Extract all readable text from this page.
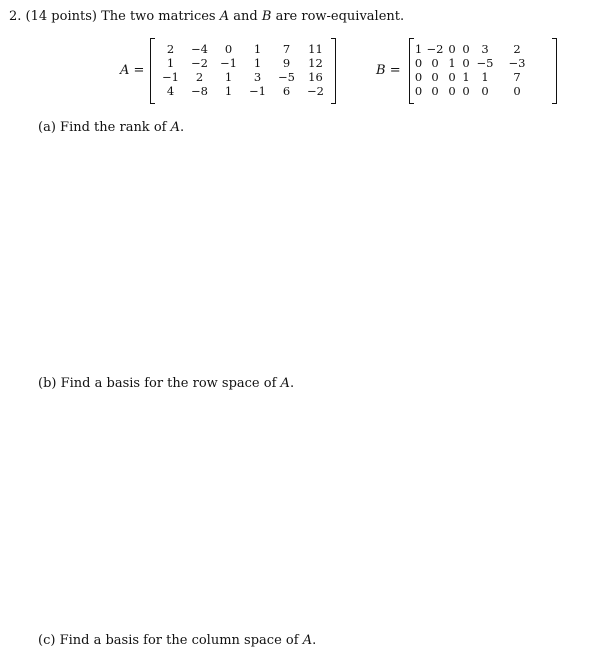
2. (14 points) The two matrices A and B are row-equivalent.
A =
2	−4	0	1	7	11
1	−2	−1	1	9	12
−1	2	1	3	−5	16
4	−8	1	−1	6	−2
B =
1	−2	0	0	3	2
0	0	1	0	−5	−3
0	0	0	1	1	7
0	0	0	0	0	0
(a) Find the rank of A.
(b) Find a basis for the row space of A.
(c) Find a basis for the column space of A.
